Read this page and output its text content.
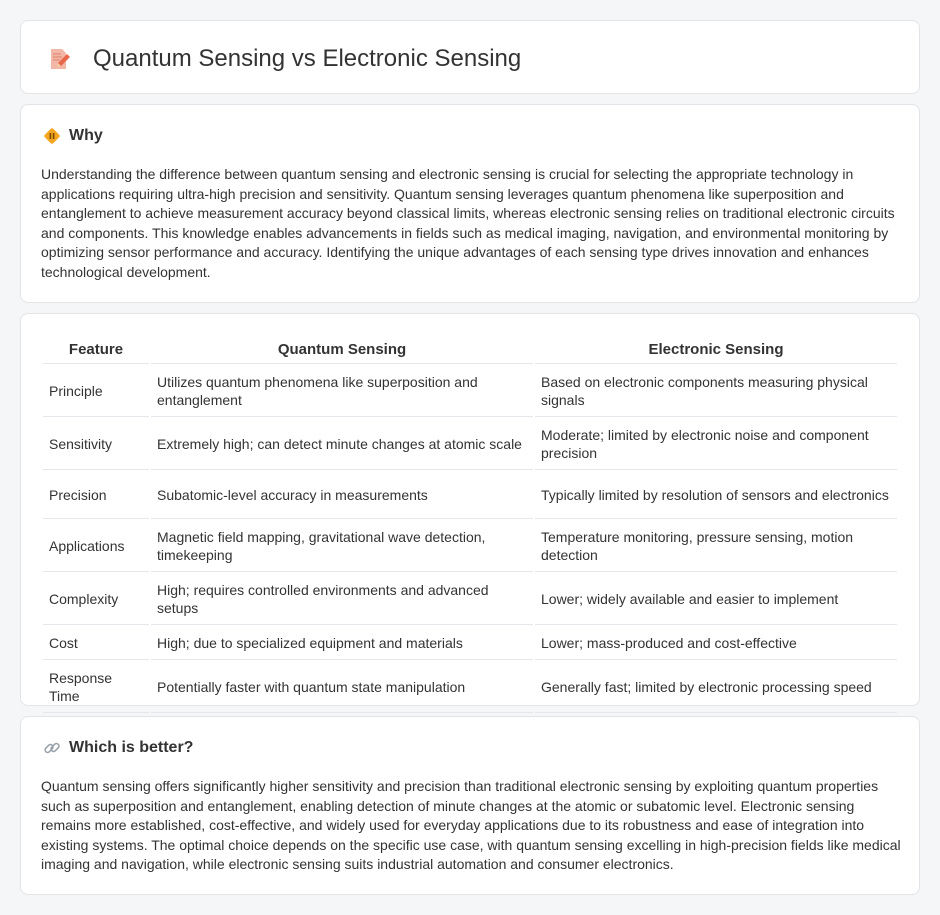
Quantum Sensing vs Electronic Sensing
Why

Understanding the difference between quantum sensing and electronic sensing is crucial for selecting the appropriate technology in applications requiring ultra-high precision and sensitivity. Quantum sensing leverages quantum phenomena like superposition and entanglement to achieve measurement accuracy beyond classical limits, whereas electronic sensing relies on traditional electronic circuits and components. This knowledge enables advancements in fields such as medical imaging, navigation, and environmental monitoring by optimizing sensor performance and accuracy. Identifying the unique advantages of each sensing type drives innovation and enhances technological development.

Feature	Quantum Sensing	Electronic Sensing
Principle	Utilizes quantum phenomena like superposition and entanglement	Based on electronic components measuring physical signals
Sensitivity	Extremely high; can detect minute changes at atomic scale	Moderate; limited by electronic noise and component precision
Precision	Subatomic-level accuracy in measurements	Typically limited by resolution of sensors and electronics
Applications	Magnetic field mapping, gravitational wave detection, timekeeping	Temperature monitoring, pressure sensing, motion detection
Complexity	High; requires controlled environments and advanced setups	Lower; widely available and easier to implement
Cost	High; due to specialized equipment and materials	Lower; mass-produced and cost-effective
Response Time	Potentially faster with quantum state manipulation	Generally fast; limited by electronic processing speed
Which is better?

Quantum sensing offers significantly higher sensitivity and precision than traditional electronic sensing by exploiting quantum properties such as superposition and entanglement, enabling detection of minute changes at the atomic or subatomic level. Electronic sensing remains more established, cost-effective, and widely used for everyday applications due to its robustness and ease of integration into existing systems. The optimal choice depends on the specific use case, with quantum sensing excelling in high-precision fields like medical imaging and navigation, while electronic sensing suits industrial automation and consumer electronics.
